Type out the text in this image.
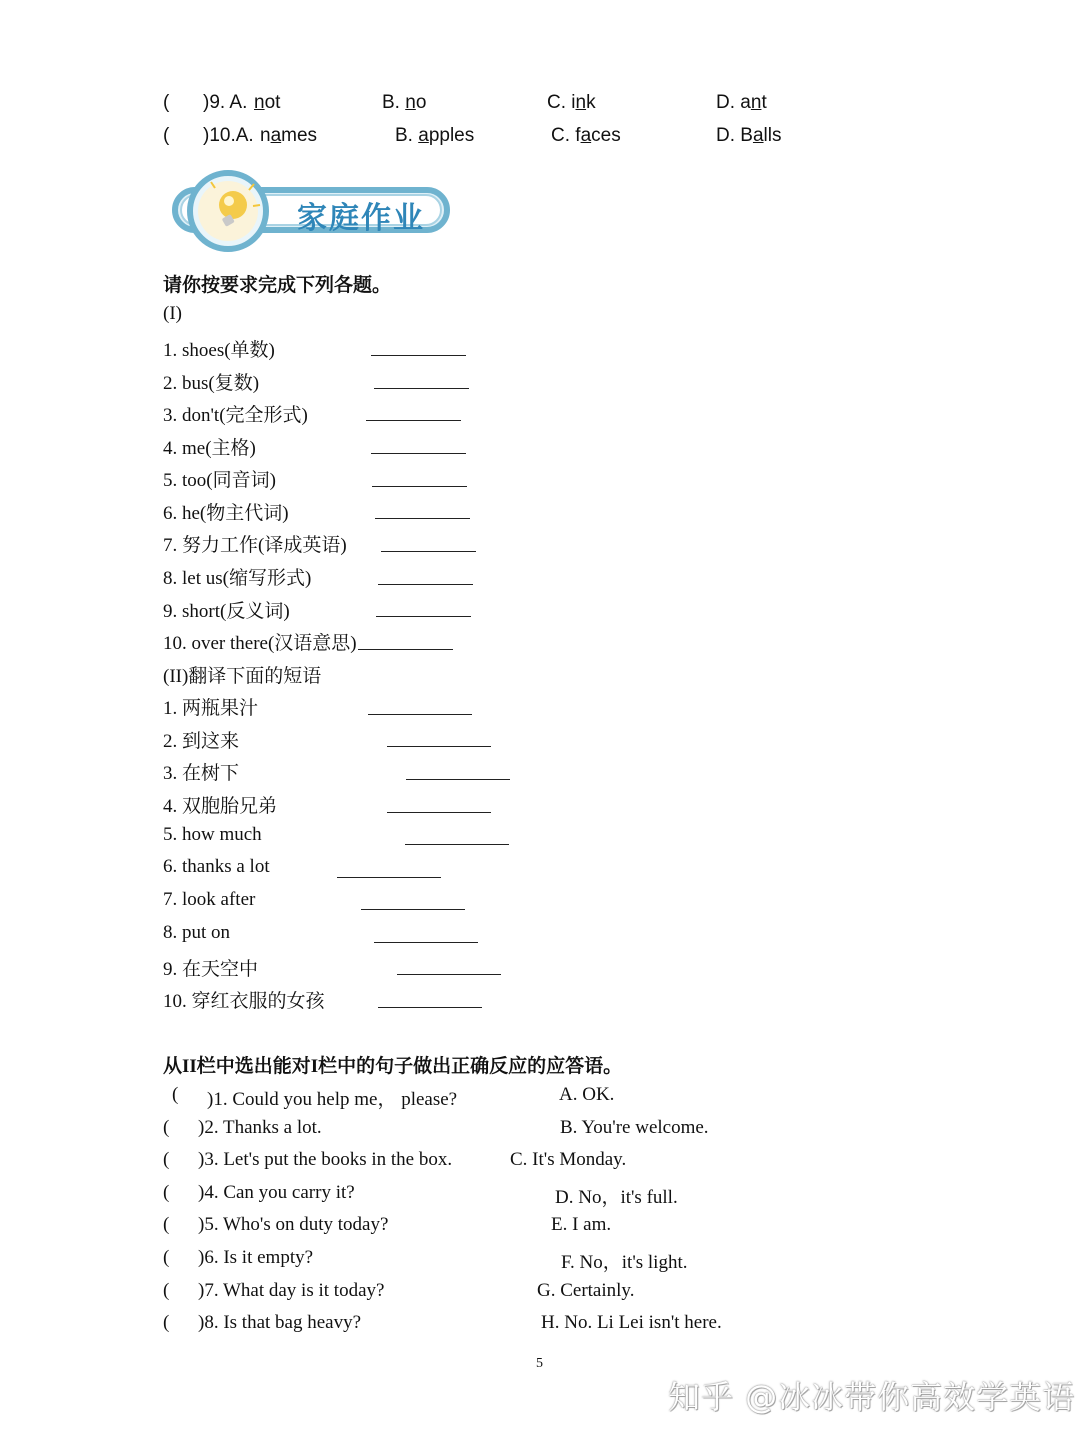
( )9. A. not	B. no	C. ink	D. ant
( )10.A. names	B. apples	C. faces	D. Balls
家庭作业
请你按要求完成下列各题。
(I)
1. shoes(单数)
2. bus(复数)
3. don't(完全形式)
4. me(主格)
5. too(同音词)
6. he(物主代词)
7. 努力工作(译成英语)
8. let us(缩写形式)
9. short(反义词)
10. over there(汉语意思)
(II)翻译下面的短语
1. 两瓶果汁
2. 到这来
3. 在树下
4. 双胞胎兄弟
5. how much
6. thanks a lot
7. look after
8. put on
9. 在天空中
10. 穿红衣服的女孩
从II栏中选出能对I栏中的句子做出正确反应的应答语。
( )1. Could you help me， please?	A. OK.
( )2. Thanks a lot.	B. You're welcome.
( )3. Let's put the books in the box.	C. It's Monday.
( )4. Can you carry it?	D. No，it's full.
( )5. Who's on duty today?	E. I am.
( )6. Is it empty?	F. No，it's light.
( )7. What day is it today?	G. Certainly.
( )8. Is that bag heavy?	H. No. Li Lei isn't here.
5
知乎 @冰冰带你高效学英语
